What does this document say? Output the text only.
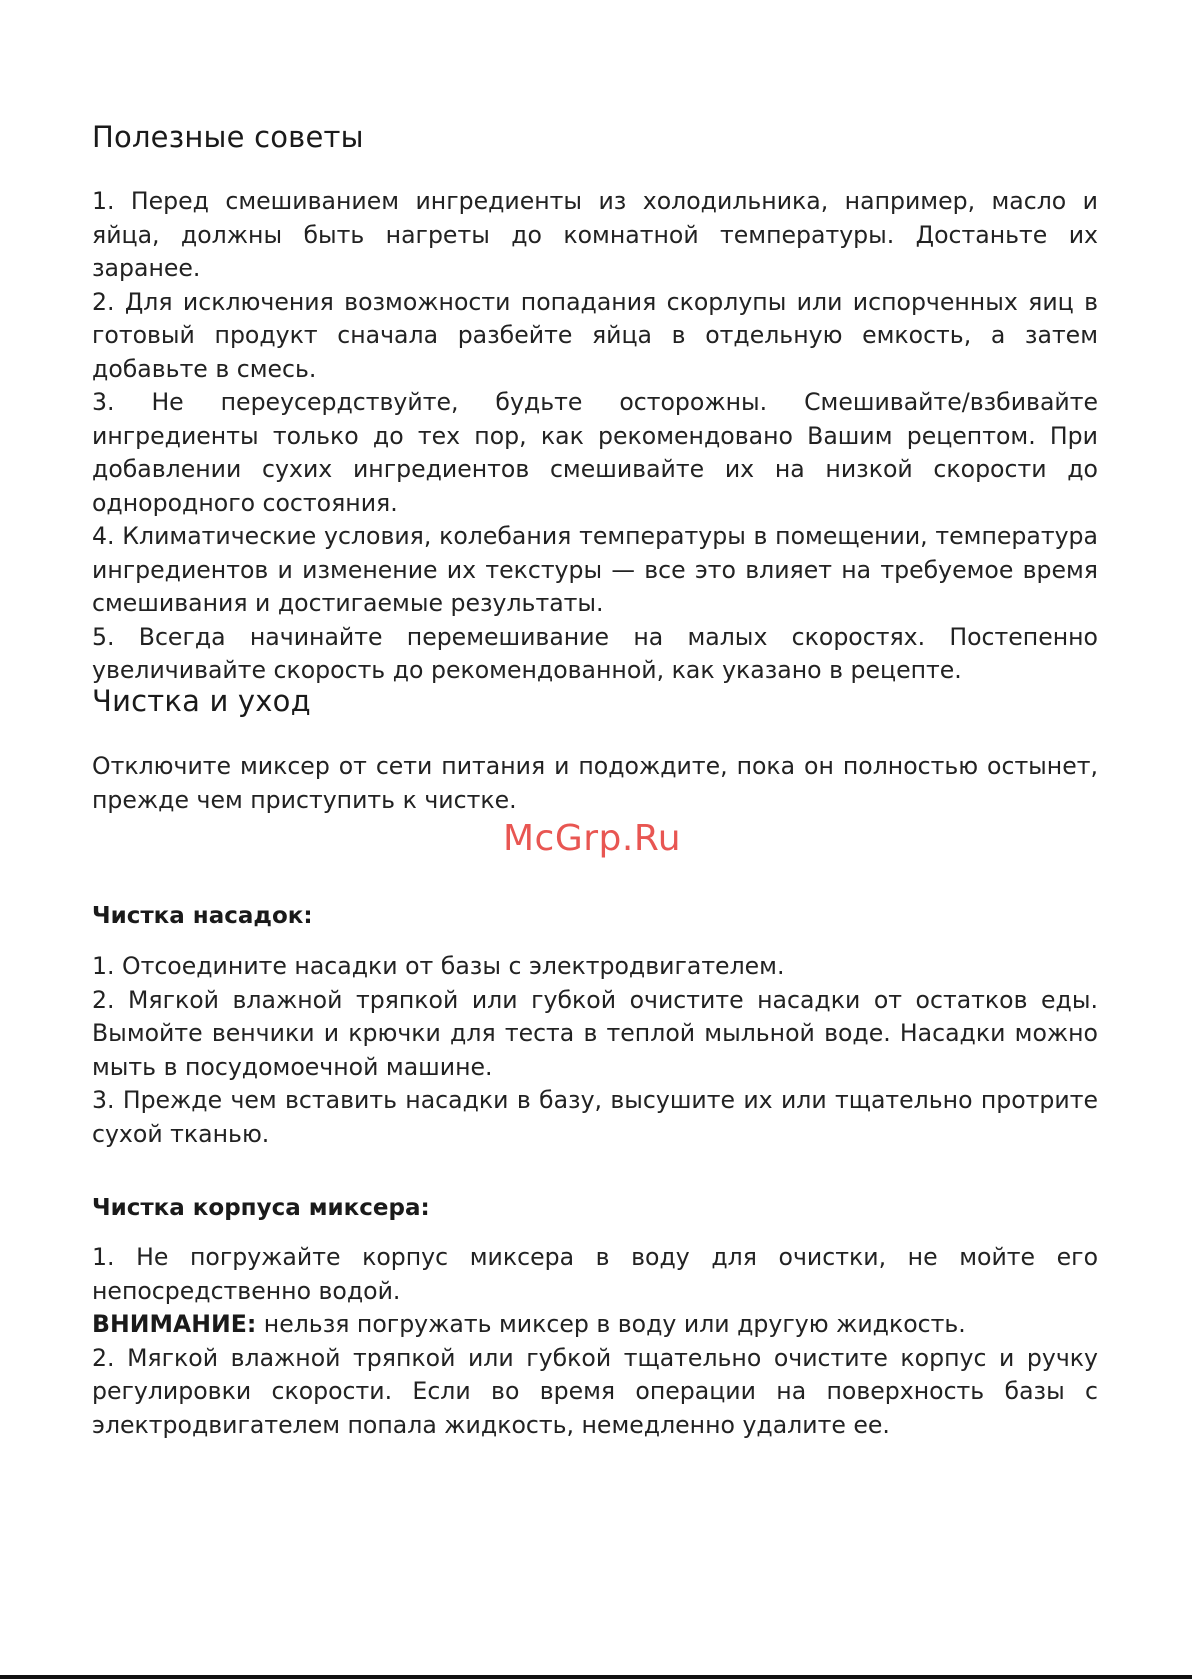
Полезные советы

1. Перед смешиванием ингредиенты из холодильника, например, масло и яйца, должны быть нагреты до комнатной температуры. Достаньте их заранее.

2. Для исключения возможности попадания скорлупы или испорченных яиц в готовый продукт сначала разбейте яйца в отдельную емкость, а затем добавьте в смесь.

3. Не переусердствуйте, будьте осторожны. Смешивайте/взбивайте ингредиенты только до тех пор, как рекомендовано Вашим рецептом. При добавлении сухих ингредиентов смешивайте их на низкой скорости до однородного состояния.

4. Климатические условия, колебания температуры в помещении, температура ингредиентов и изменение их текстуры — все это влияет на требуемое время смешивания и достигаемые результаты.

5. Всегда начинайте перемешивание на малых скоростях. Постепенно увеличивайте скорость до рекомендованной, как указано в рецепте.

Чистка и уход

Отключите миксер от сети питания и подождите, пока он полностью остынет, прежде чем приступить к чистке.

Чистка насадок:

1. Отсоедините насадки от базы с электродвигателем.

2. Мягкой влажной тряпкой или губкой очистите насадки от остатков еды. Вымойте венчики и крючки для теста в теплой мыльной воде. Насадки можно мыть в посудомоечной машине.

3. Прежде чем вставить насадки в базу, высушите их или тщательно протрите сухой тканью.

Чистка корпуса миксера:

1. Не погружайте корпус миксера в воду для очистки, не мойте его непосредственно водой.

ВНИМАНИЕ: нельзя погружать миксер в воду или другую жидкость.

2. Мягкой влажной тряпкой или губкой тщательно очистите корпус и ручку регулировки скорости. Если во время операции на поверхность базы с электродвигателем попала жидкость, немедленно удалите ее.

McGrp.Ru
